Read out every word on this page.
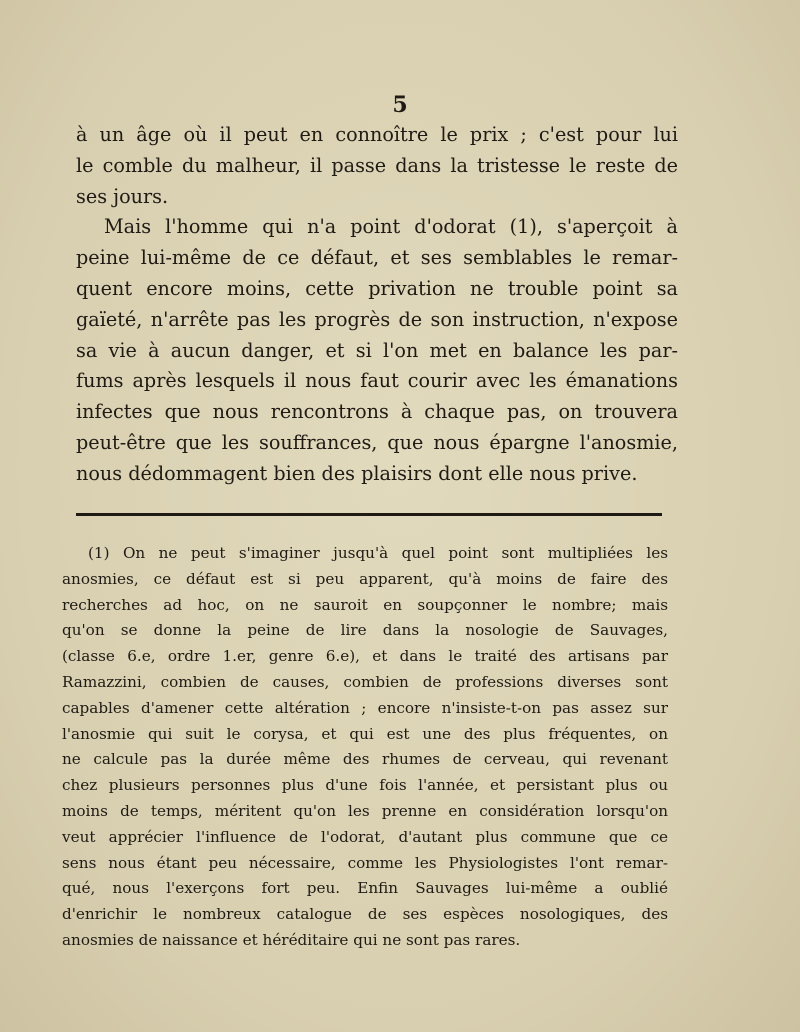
5
à un âge où il peut en connoître le prix ; c'est pour lui
le comble du malheur, il passe dans la tristesse le reste de
ses jours.
Mais l'homme qui n'a point d'odorat (1), s'aperçoit à
peine lui-même de ce défaut, et ses semblables le remar-
quent encore moins, cette privation ne trouble point sa
gaïeté, n'arrête pas les progrès de son instruction, n'expose
sa vie à aucun danger, et si l'on met en balance les par-
fums après lesquels il nous faut courir avec les émanations
infectes que nous rencontrons à chaque pas, on trouvera
peut-être que les souffrances, que nous épargne l'anosmie,
nous dédommagent bien des plaisirs dont elle nous prive.
(1) On ne peut s'imaginer jusqu'à quel point sont multipliées les
anosmies, ce défaut est si peu apparent, qu'à moins de faire des
recherches ad hoc, on ne sauroit en soupçonner le nombre; mais
qu'on se donne la peine de lire dans la nosologie de Sauvages,
(classe 6.e, ordre 1.er, genre 6.e), et dans le traité des artisans par
Ramazzini, combien de causes, combien de professions diverses sont
capables d'amener cette altération ; encore n'insiste-t-on pas assez sur
l'anosmie qui suit le corysa, et qui est une des plus fréquentes, on
ne calcule pas la durée même des rhumes de cerveau, qui revenant
chez plusieurs personnes plus d'une fois l'année, et persistant plus ou
moins de temps, méritent qu'on les prenne en considération lorsqu'on
veut apprécier l'influence de l'odorat, d'autant plus commune que ce
sens nous étant peu nécessaire, comme les Physiologistes l'ont remar-
qué, nous l'exerçons fort peu. Enfin Sauvages lui-même a oublié
d'enrichir le nombreux catalogue de ses espèces nosologiques, des
anosmies de naissance et héréditaire qui ne sont pas rares.
